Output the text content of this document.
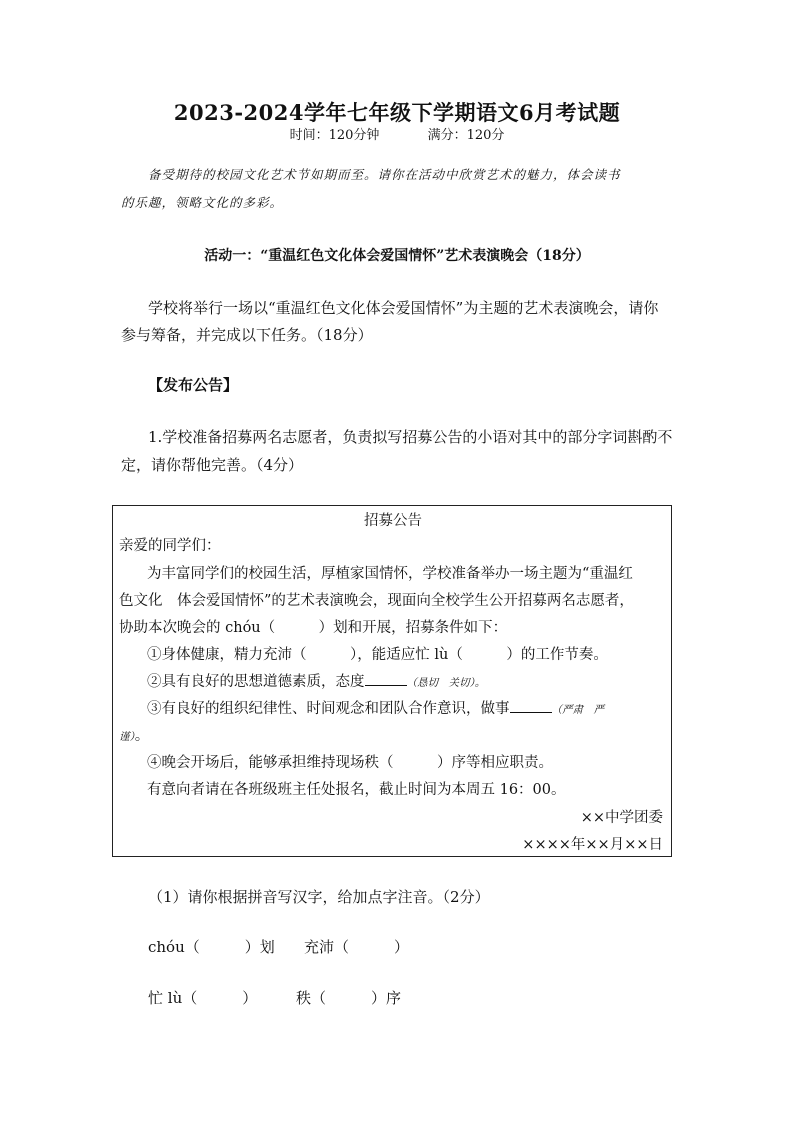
2023-2024学年七年级下学期语文6月考试题
时间：120分钟	满分：120分
备受期待的校园文化艺术节如期而至。请你在活动中欣赏艺术的魅力，体会读书
的乐趣，领略文化的多彩。
活动一：“重温红色文化体会爱国情怀”艺术表演晚会（18分）
学校将举行一场以“重温红色文化体会爱国情怀”为主题的艺术表演晚会，请你
参与筹备，并完成以下任务。（18分）
【发布公告】
1.学校准备招募两名志愿者，负责拟写招募公告的小语对其中的部分字词斟酌不
定，请你帮他完善。（4分）
招募公告
亲爱的同学们：
为丰富同学们的校园生活，厚植家国情怀，学校准备举办一场主题为“重温红
色文化　体会爱国情怀”的艺术表演晚会，现面向全校学生公开招募两名志愿者，
协助本次晚会的 chóu（　　　）划和开展，招募条件如下：
①身体健康，精力充沛（　　　），能适应忙 lù（　　　）的工作节奏。
②具有良好的思想道德素质，态度	（恳切　关切）。
③有良好的组织纪律性、时间观念和团队合作意识，做事	（严肃　严
谨）。
④晚会开场后，能够承担维持现场秩（　　　）序等相应职责。
有意向者请在各班级班主任处报名，截止时间为本周五 16：00。
××中学团委
××××年××月××日
（1）请你根据拼音写汉字，给加点字注音。（2分）
chóu（　　　）划 充沛（　　　）
忙 lù（　　　）	秩（　　　）序
